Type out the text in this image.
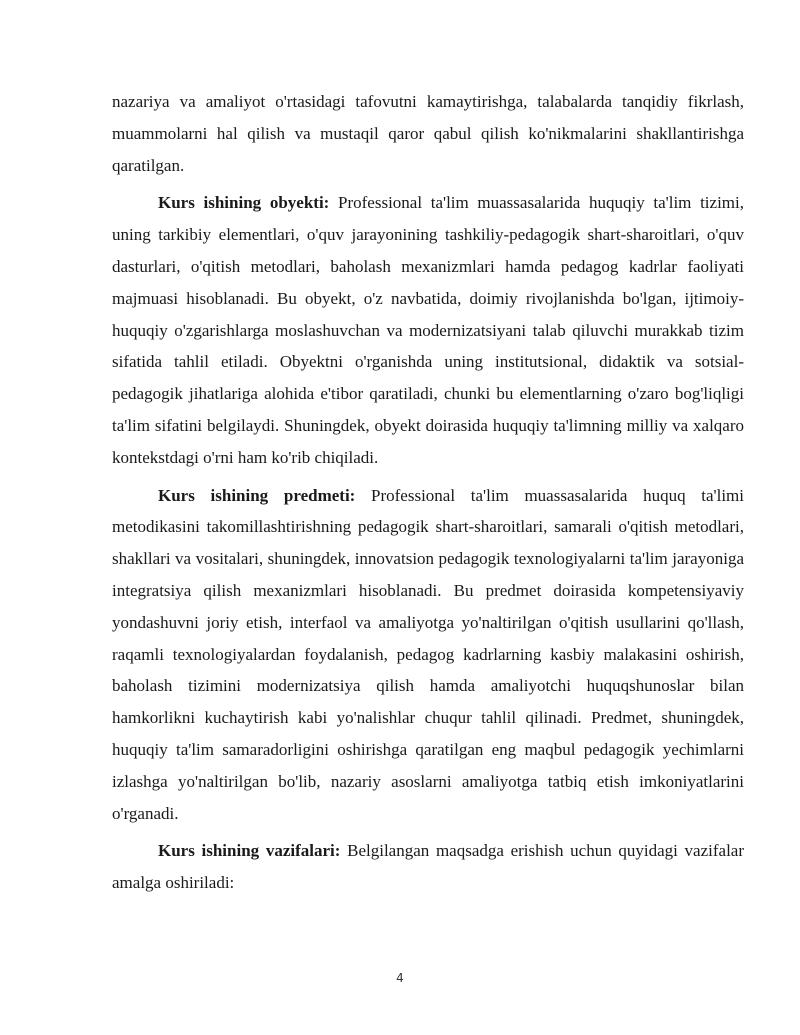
nazariya va amaliyot o'rtasidagi tafovutni kamaytirishga, talabalarda tanqidiy fikrlash, muammolarni hal qilish va mustaqil qaror qabul qilish ko'nikmalarini shakllantirishga qaratilgan.

Kurs ishining obyekti: Professional ta'lim muassasalarida huquqiy ta'lim tizimi, uning tarkibiy elementlari, o'quv jarayonining tashkiliy-pedagogik shart-sharoitlari, o'quv dasturlari, o'qitish metodlari, baholash mexanizmlari hamda pedagog kadrlar faoliyati majmuasi hisoblanadi. Bu obyekt, o'z navbatida, doimiy rivojlanishda bo'lgan, ijtimoiy-huquqiy o'zgarishlarga moslashuvchan va modernizatsiyani talab qiluvchi murakkab tizim sifatida tahlil etiladi. Obyektni o'rganishda uning institutsional, didaktik va sotsial-pedagogik jihatlariga alohida e'tibor qaratiladi, chunki bu elementlarning o'zaro bog'liqligi ta'lim sifatini belgilaydi. Shuningdek, obyekt doirasida huquqiy ta'limning milliy va xalqaro kontekstdagi o'rni ham ko'rib chiqiladi.

Kurs ishining predmeti: Professional ta'lim muassasalarida huquq ta'limi metodikasini takomillashtirishning pedagogik shart-sharoitlari, samarali o'qitish metodlari, shakllari va vositalari, shuningdek, innovatsion pedagogik texnologiyalarni ta'lim jarayoniga integratsiya qilish mexanizmlari hisoblanadi. Bu predmet doirasida kompetensiyaviy yondashuvni joriy etish, interfaol va amaliyotga yo'naltirilgan o'qitish usullarini qo'llash, raqamli texnologiyalardan foydalanish, pedagog kadrlarning kasbiy malakasini oshirish, baholash tizimini modernizatsiya qilish hamda amaliyotchi huquqshunoslar bilan hamkorlikni kuchaytirish kabi yo'nalishlar chuqur tahlil qilinadi. Predmet, shuningdek, huquqiy ta'lim samaradorligini oshirishga qaratilgan eng maqbul pedagogik yechimlarni izlashga yo'naltirilgan bo'lib, nazariy asoslarni amaliyotga tatbiq etish imkoniyatlarini o'rganadi.

Kurs ishining vazifalari: Belgilangan maqsadga erishish uchun quyidagi vazifalar amalga oshiriladi:

4
